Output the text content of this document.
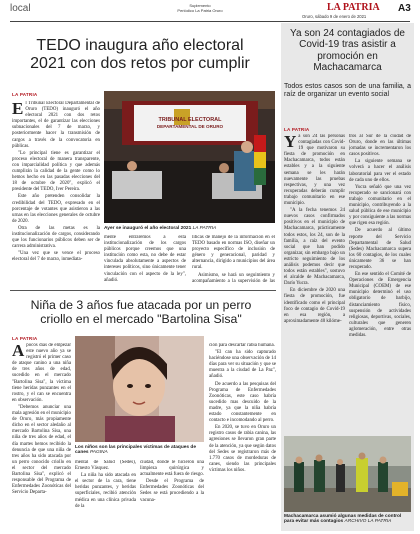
local	Suplemento
Periódico La Patria Oruro	LA PATRIA
Oruro, sábado 9 de enero de 2021
A3
TEDO inaugura año electoral 2021 con dos retos por cumplir
LA PATRIA
E l Tribunal Electoral Departamental de Oruro (TEDO) inauguró el año electoral 2021 con dos retos importantes, el de garantizar las elecciones subnacionales del 7 de marzo, y posteriormente hacer la transmisión de cargos a través de la convocatoria en públicas.

"Lo principal tiene es garantizar el proceso electoral de manera transparente, con imparcialidad política y que además cumplirán la calidad de la gente como lo hemos hecho en las pasadas elecciones del 18 de octubre de 2020", explicó el presidente del TEDO, Iver Pereira.

Este año pretenden consolidar la credibilidad del TEDO, expresado en el porcentaje de votantes que asistieron a las urnas en las elecciones generales de octubre de 2020.

Otra de las metas es la institucionalización de cargos, considerando que los funcionarios públicos deben ser de carrera administrativa.

"Una vez que se vence el proceso electoral del 7 de marzo, inmediata-

TRIBUNAL ELECTORAL
DEPARTAMENTAL DE ORURO
Ayer se inauguró el año electoral 2021 LA PATRIA

mente entraremos a esta institucionalización de los cargos públicos porque creemos que una institución como esta, no debe de estar vinculada absolutamente a aspectos de intereses políticos, sino únicamente tener vinculación con el aspecto de la ley", añadió.

líticas de manejo de la información en el TEDO basado en normas ISO, diseñar un proyecto específico de inclusión de género y generacional, paridad y alternancia, dirigido a municipios del área rural.

Asimismo, se hará un seguimiento y acompañamiento a la supervisión de las

Ya son 24 contagiados de Covid-19 tras asistir a promoción en Machacamarca
Todos estos casos son de una familia, a raíz de organizar un evento social
LA PATRIA
Y a son 24 las personas contagiadas con Covid-19 que motivaron su fiesta de promoción en Machacamarca, todos están estables y a la siguiente semana se les harán nuevamente las pruebas respectivas, y una vez recuperadas deberán cumplir trabajo comunitario en ese municipio.

"A la fecha tenemos 24 nuevos casos confirmados positivos en el municipio de Machacamarca, prácticamente todos estos, los 24, son de la familia, a raíz del evento social que han podido organizar, sin embargo bajo un estricto seguimiento de los análisis podemos decir que todos están estables", sostuvo el alcalde de Machacamarca, Darío Yucra.

En diciembre de 2020 una fiesta de promoción, fue identificado como el principal foco de contagio de Covid-19 en esa región, a aproximadamente 40 kilóme-

tros al Sur de la ciudad de Oruro, donde en las últimas jornadas se incrementaron los casos positivos.

La siguiente semana se volverá a hacer el análisis laboratorial para ver el estado de cada uno de ellos.

Yucra señaló que una vez recuperado se sancionará con trabajo comunitario en el municipio, contribuyendo a la salud pública de ese municipio y por consiguiente a las normas que rigen esa región.

De acuerdo al último reporte del Servicio Departamental de Salud (Sedes) Machacamarca supera los 60 contagios, de los cuales únicamente 36 se han recuperado.

En ese sentido el Comité de Operaciones de Emergencia Municipal (COEM) de ese municipio determinó el uso obligatorio de barbijo, distanciamiento físico, suspensión de actividades religiosas, deportivas, sociales, culturales que generen aglomeración, entre otras medidas.

Machacamarca asumió algunas medidas de control para evitar más contagios ARCHIVO LA PATRIA
Niña de 3 años fue atacada por un perro criollo en el mercado "Bartolina Sisa"
LA PATRIA
A pocos días de empezar este nuevo año ya se registró el primer caso de ataque canino a una niña de tres años de edad, sucedido en el mercado "Bartolina Sisa", la víctima tiene heridas punzantes en el rostro, y el can se encuentra en observación.

"Debemos anunciar una mala agresión en el municipio de Oruro, más propiamente dicho en el sector aledaño al mercado Bartolina Sisa, una niña de tres años de edad, el día martes hemos recibido la denuncia de que una niña de tres años ha sido atacada por un perro conocido criollo en el sector del mercado Bartolina Sisa", explicó el responsable del Programa de Enfermedades Zoonóticas del Servicio Departa-

Los niños son las principales víctimas de ataques de canes PAGINA

mental de Salud (Sedes), Ernesto Vásquez.

La niña ha sido atacada en el sector de la cara, tiene heridas punzantes, y heridas superficiales, recibió atención médica en una clínica privada de la

ciudad, donde le hicieron una limpieza quirúrgica y actualmente está fuera de riesgo.

Desde el Programa de Enfermedades Zoonóticas del Sedes se está procediendo a la vacuna-

ción para descartar rabia humana.

"El can ha sido capturado haciéndose una observación de 14 días para ver su situación y que se muestra a la ciudad de La Paz", añadió.

De acuerdo a las pesquisas del Programa de Enfermedades Zoonóticas, este caso habría sucedido mas descuido de la madre, ya que la niña habría estado constantemente en contacto e incomodando al perro.

En 2020, se tuvo en Oruro un registro casos de rabia canina, las agresiones se llevaron gran parte de la atención, ya que según datos del Sedes se registraron más de 1.770 casos de mordeduras de canes, siendo las principales víctimas los niños.
